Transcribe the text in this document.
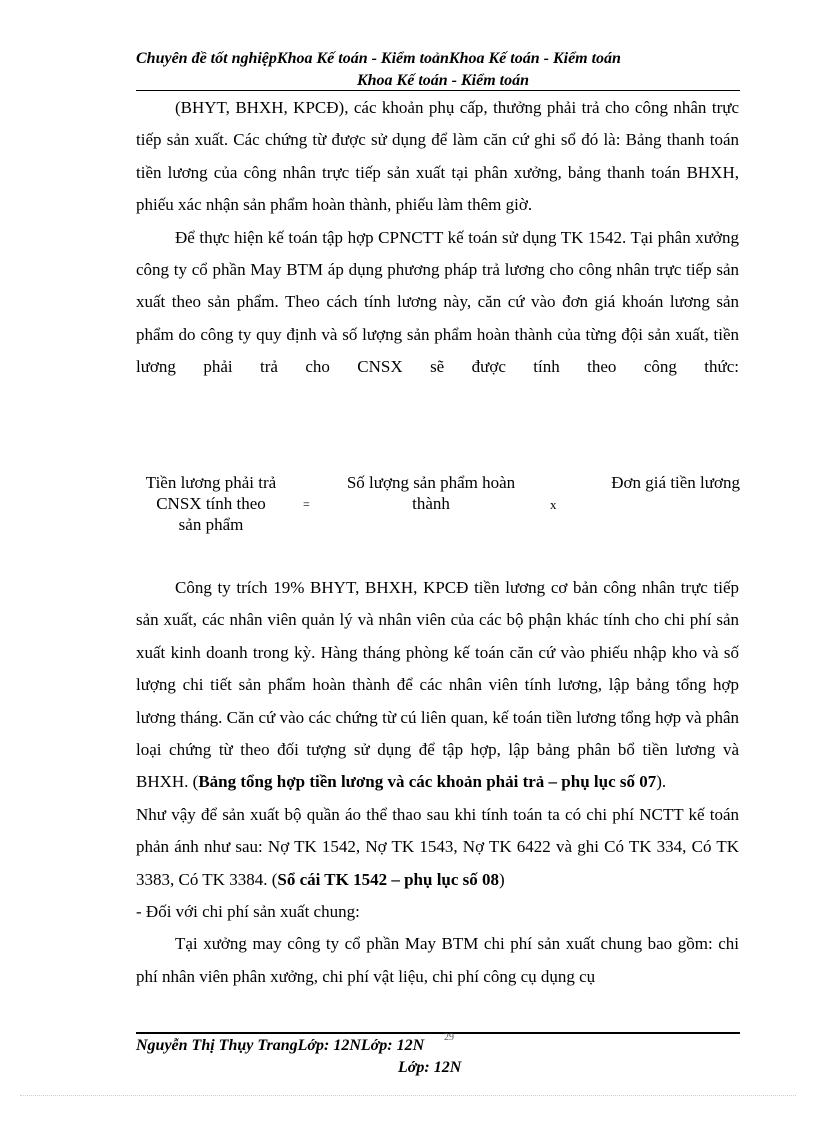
Chuyên đề tốt nghiệpKhoa Kế toán - Kiểm toảnKhoa Kế toán - Kiểm toán
Khoa Kế toán - Kiểm toán

(BHYT, BHXH, KPCĐ), các khoản phụ cấp, thưởng phải trả cho công nhân trực tiếp sản xuất. Các chứng từ được sử dụng để làm căn cứ ghi sổ đó là: Bảng thanh toán tiền lương của công nhân trực tiếp sản xuất tại phân xưởng, bảng thanh toán BHXH, phiếu xác nhận sản phẩm hoàn thành, phiếu làm thêm giờ.

Để thực hiện kế toán tập hợp CPNCTT kế toán sử dụng TK 1542. Tại phân xưởng công ty cổ phần May BTM áp dụng phương pháp trả lương cho công nhân trực tiếp sản xuất theo sản phẩm. Theo cách tính lương này, căn cứ vào đơn giá khoán lương sản phẩm do công ty quy định và số lượng sản phẩm hoàn thành của từng đội sản xuất, tiền lương phải trả cho CNSX sẽ được tính theo công thức:

Tiền lương phải trả
CNSX tính theo
sản phẩm
=
Số lượng sản phẩm hoàn
thành	x
Đơn giá tiền lương

Công ty trích 19% BHYT, BHXH, KPCĐ tiền lương cơ bản công nhân trực tiếp sản xuất, các nhân viên quản lý và nhân viên của các bộ phận khác tính cho chi phí sản xuất kinh doanh trong kỳ. Hàng tháng phòng kế toán căn cứ vào phiếu nhập kho và số lượng chi tiết sản phẩm hoàn thành để các nhân viên tính lương, lập bảng tổng hợp lương tháng. Căn cứ vào các chứng từ cú liên quan, kế toán tiền lương tổng hợp và phân loại chứng từ theo đối tượng sử dụng để tập hợp, lập bảng phân bổ tiền lương và BHXH. (Bảng tổng hợp tiền lương và các khoản phải trả – phụ lục số 07).

Như vậy để sản xuất bộ quần áo thể thao sau khi tính toán ta có chi phí NCTT kế toán phản ánh như sau: Nợ TK 1542, Nợ TK 1543, Nợ TK 6422 và ghi Có TK 334, Có TK 3383, Có TK 3384. (Sổ cái TK 1542 – phụ lục số 08)

- Đối với chi phí sản xuất chung:

Tại xưởng may công ty cổ phần May BTM chi phí sản xuất chung bao gồm: chi phí nhân viên phân xưởng, chi phí vật liệu, chi phí công cụ dụng cụ

29
Nguyễn Thị Thụy TrangLớp: 12NLớp: 12N
Lớp: 12N
